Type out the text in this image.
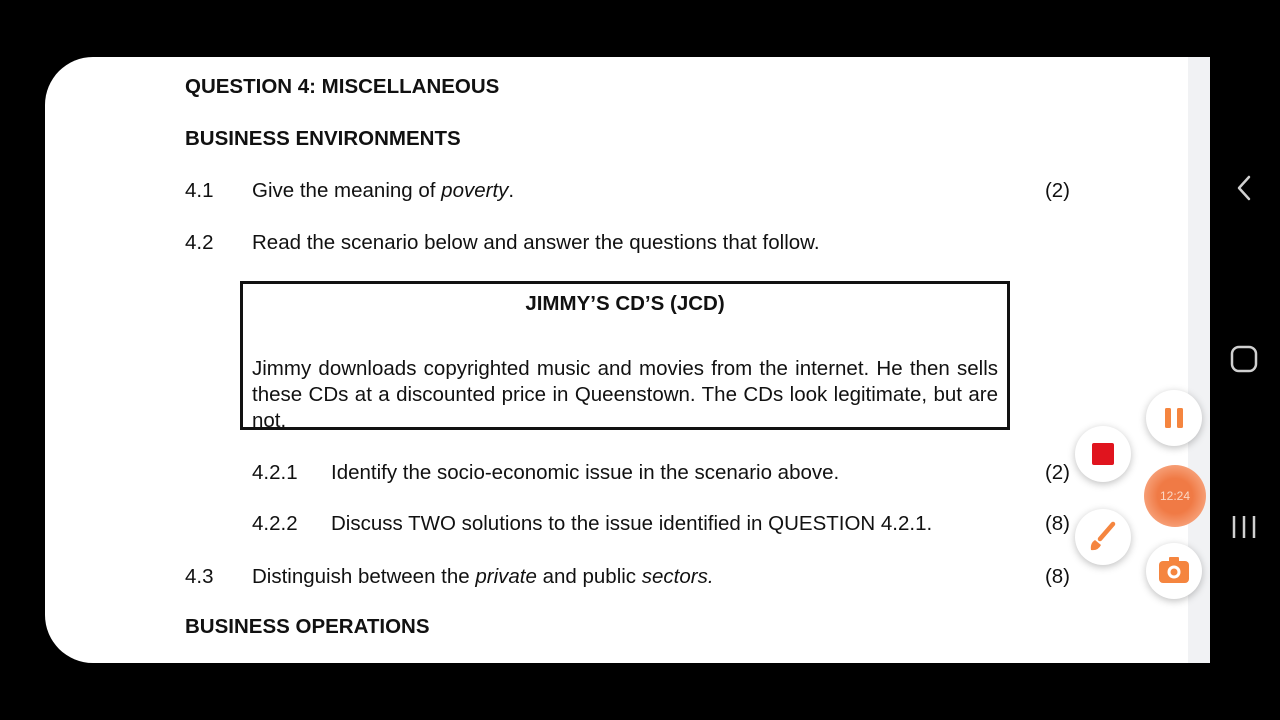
QUESTION 4: MISCELLANEOUS
BUSINESS ENVIRONMENTS
4.1 Give the meaning of poverty.	(2)
4.2 Read the scenario below and answer the questions that follow.
JIMMY’S CD’S (JCD)
Jimmy downloads copyrighted music and movies from the internet. He then sells these CDs at a discounted price in Queenstown. The CDs look legitimate, but are not.
4.2.1 Identify the socio-economic issue in the scenario above.	(2)
4.2.2 Discuss TWO solutions to the issue identified in QUESTION 4.2.1.	(8)
4.3 Distinguish between the private and public sectors.	(8)
BUSINESS OPERATIONS
12:24
